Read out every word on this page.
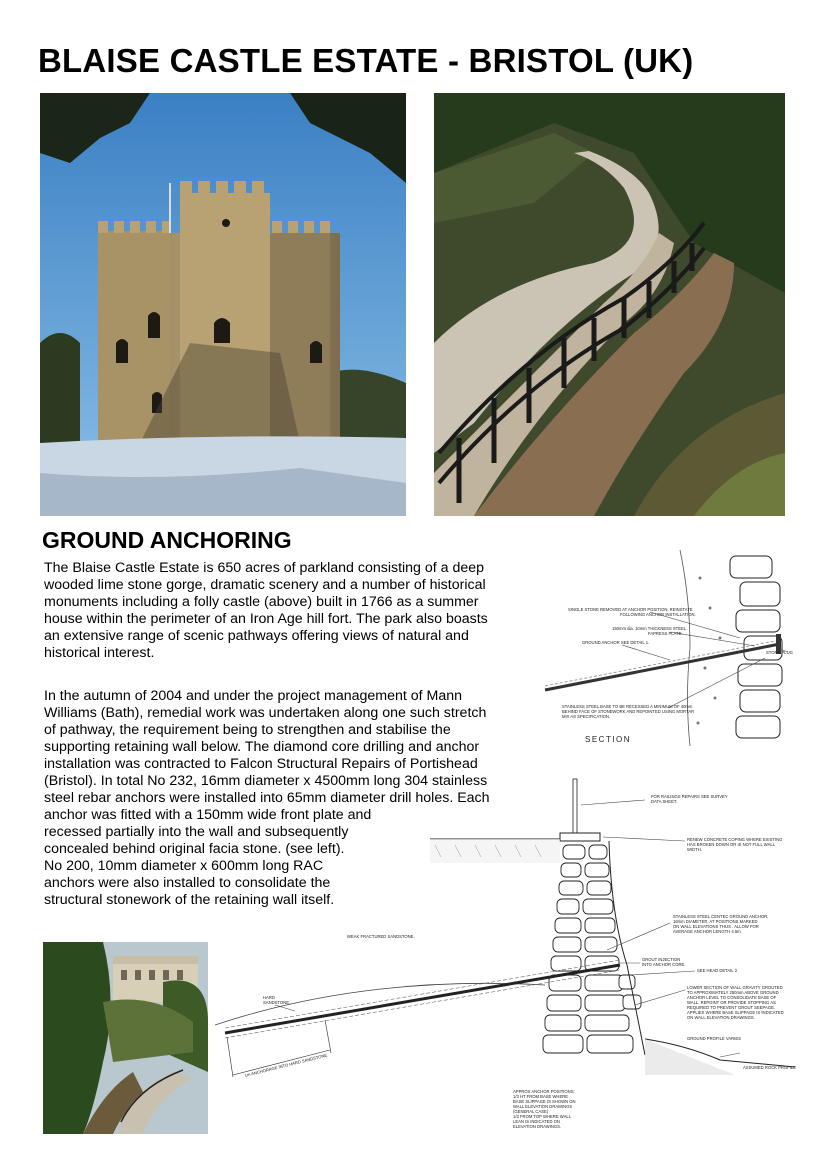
BLAISE CASTLE ESTATE - BRISTOL (UK)
GROUND ANCHORING
The Blaise Castle Estate is 650 acres of parkland consisting of a deep
wooded lime stone gorge, dramatic scenery and a number of historical
monuments including a folly castle (above) built in 1766 as a summer
house within the perimeter of an Iron Age hill fort. The park also boasts
an extensive range of scenic pathways offering views of natural and
historical interest.
In the autumn of 2004 and under the project management of Mann
Williams (Bath), remedial work was undertaken along one such stretch
of pathway, the requirement being to strengthen and stabilise the
supporting retaining wall below. The diamond core drilling and anchor
installation was contracted to Falcon Structural Repairs of Portishead
(Bristol). In total No 232, 16mm diameter x 4500mm long 304 stainless
steel rebar anchors were installed into 65mm diameter drill holes. Each
anchor was fitted with a 150mm wide front plate and
recessed partially into the wall and subsequently
concealed behind original facia stone. (see left).
No 200, 10mm diameter x 600mm long RAC
anchors were also installed to consolidate the
structural stonework of the retaining wall itself.
SINGLE STONE REMOVED AT ANCHOR POSITION, REINSTATE
FOLLOWING ANCHOR INSTALLATION.
150mm dia. 10mm THICKNESS STEEL
FAPRESS PLATE.
GROUND ANCHOR SEE DETAIL 1.
STONE PLUG
STAINLESS STEEL BASE TO BE RECESSED A MINIMUM OF 40mm
BEHIND FACE OF STONEWORK AND REPOINTED USING MORTAR
MIX AS SPECIFICATION.
SECTION
FOR RAILINGS REPAIRS SEE SURVEY
DATA SHEET.
RENEW CONCRETE COPING WHERE EXISTING
HAS BROKEN DOWN OR IS NOT FULL WALL
WIDTH.
WEAK FRACTURED SANDSTONE.
STAINLESS STEEL CENTEC GROUND ANCHOR,
16mm DIAMETER, AT POSITIONS MARKED
ON WALL ELEVATIONS THUS . ALLOW FOR
AVERAGE ANCHOR LENGTH 4.5m.
GROUT INJECTION
INTO ANCHOR CORE.
SEE HEAD DETAIL 2
LOWER SECTION OF WALL GRAVITY GROUTED
TO APPROXIMATELY 250mm ABOVE GROUND
ANCHOR LEVEL TO CONSOLIDATE BASE OF
WALL. REPOINT OR PROVIDE STOPPING AS
REQUIRED TO PREVENT GROUT SEEPAGE.
APPLIES WHERE BASE SLIPPAGE IS INDICATED
ON WALL ELEVATION DRAWINGS.
HARD
SANDSTONE.
GROUND PROFILE VARIES
ASSUMED ROCK PROFILE
1m ANCHORAGE INTO HARD SANDSTONE
APPROX ANCHOR POSITIONS:
1/3 HT FROM BASE WHERE
BASE SLIPPAGE IS SHOWN ON
WALL ELEVATION DRAWINGS
(GENERAL CASE)
1/3 FROM TOP WHERE WALL
LEAN IS INDICATED ON
ELEVATION DRAWINGS.
